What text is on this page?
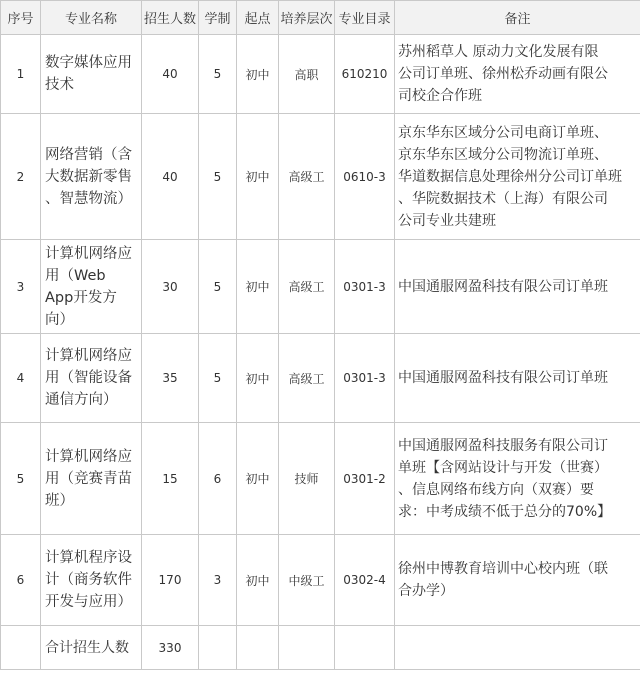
序号	专业名称	招生人数	学制	起点	培养层次	专业目录	备注
1	数字媒体应用
技术	40	5	初中	高职	610210	苏州稻草人 原动力文化发展有限
公司订单班、徐州松乔动画有限公
司校企合作班

2	网络营销（含
大数据新零售
、智慧物流）	40	5	初中	高级工	0610-3	京东华东区域分公司电商订单班、
京东华东区域分公司物流订单班、
华道数据信息处理徐州分公司订单班
、华院数据技术（上海）有限公司
公司专业共建班

3	计算机网络应
用（Web
App开发方
向）	30	5	初中	高级工	0301-3	中国通服网盈科技有限公司订单班

4	计算机网络应
用（智能设备
通信方向）	35	5	初中	高级工	0301-3	中国通服网盈科技有限公司订单班

5	计算机网络应
用（竞赛青苗
班）	15	6	初中	技师	0301-2	中国通服网盈科技服务有限公司订
单班【含网站设计与开发（世赛）
、信息网络布线方向（双赛）要
求：中考成绩不低于总分的70%】

6	计算机程序设
计（商务软件
开发与应用）	170	3	初中	中级工	0302-4	徐州中博教育培训中心校内班（联
合办学）

	合计招生人数	330					
